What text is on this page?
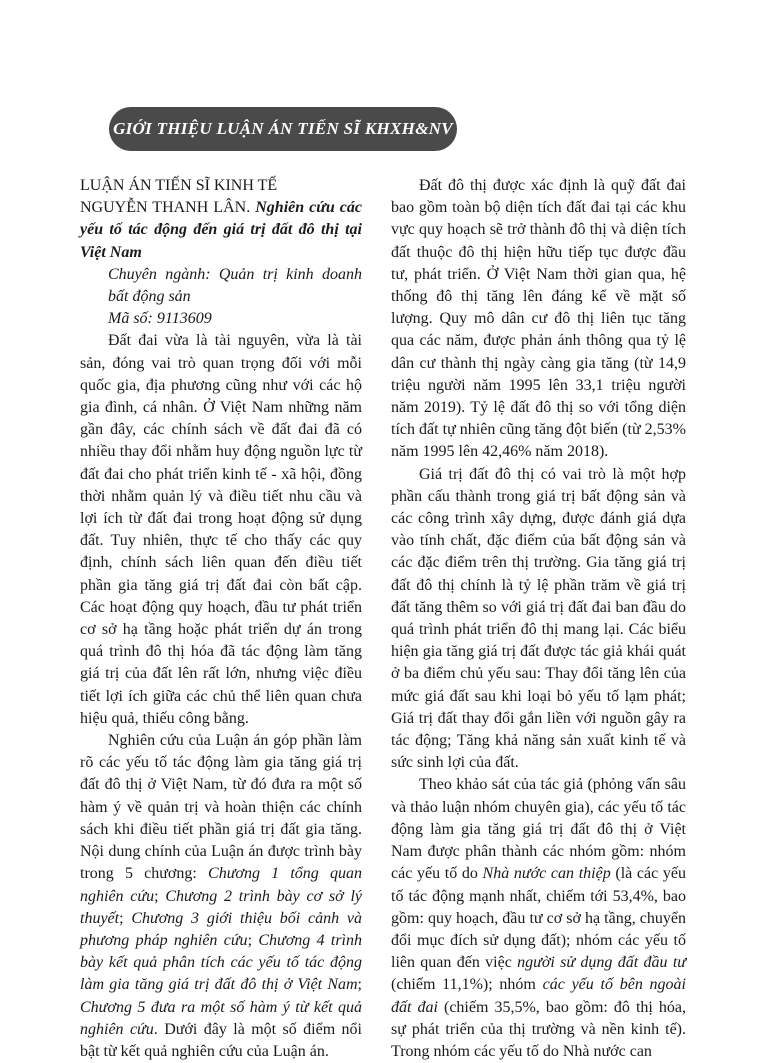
GIỚI THIỆU LUẬN ÁN TIẾN SĨ KHXH&NV

LUẬN ÁN TIẾN SĨ KINH TẾ

NGUYỄN THANH LÂN. Nghiên cứu các yếu tố tác động đến giá trị đất đô thị tại Việt Nam

Chuyên ngành: Quản trị kinh doanh bất động sản

Mã số: 9113609

Đất đai vừa là tài nguyên, vừa là tài sản, đóng vai trò quan trọng đối với mỗi quốc gia, địa phương cũng như với các hộ gia đình, cá nhân. Ở Việt Nam những năm gần đây, các chính sách về đất đai đã có nhiều thay đổi nhằm huy động nguồn lực từ đất đai cho phát triển kinh tế - xã hội, đồng thời nhằm quản lý và điều tiết nhu cầu và lợi ích từ đất đai trong hoạt động sử dụng đất. Tuy nhiên, thực tế cho thấy các quy định, chính sách liên quan đến điều tiết phần gia tăng giá trị đất đai còn bất cập. Các hoạt động quy hoạch, đầu tư phát triển cơ sở hạ tầng hoặc phát triển dự án trong quá trình đô thị hóa đã tác động làm tăng giá trị của đất lên rất lớn, nhưng việc điều tiết lợi ích giữa các chủ thể liên quan chưa hiệu quả, thiếu công bằng.

Nghiên cứu của Luận án góp phần làm rõ các yếu tố tác động làm gia tăng giá trị đất đô thị ở Việt Nam, từ đó đưa ra một số hàm ý về quản trị và hoàn thiện các chính sách khi điều tiết phần giá trị đất gia tăng. Nội dung chính của Luận án được trình bày trong 5 chương: Chương 1 tổng quan nghiên cứu; Chương 2 trình bày cơ sở lý thuyết; Chương 3 giới thiệu bối cảnh và phương pháp nghiên cứu; Chương 4 trình bày kết quả phân tích các yếu tố tác động làm gia tăng giá trị đất đô thị ở Việt Nam; Chương 5 đưa ra một số hàm ý từ kết quả nghiên cứu. Dưới đây là một số điểm nổi bật từ kết quả nghiên cứu của Luận án.

Đất đô thị được xác định là quỹ đất đai bao gồm toàn bộ diện tích đất đai tại các khu vực quy hoạch sẽ trở thành đô thị và diện tích đất thuộc đô thị hiện hữu tiếp tục được đầu tư, phát triển. Ở Việt Nam thời gian qua, hệ thống đô thị tăng lên đáng kể về mặt số lượng. Quy mô dân cư đô thị liên tục tăng qua các năm, được phản ánh thông qua tỷ lệ dân cư thành thị ngày càng gia tăng (từ 14,9 triệu người năm 1995 lên 33,1 triệu người năm 2019). Tỷ lệ đất đô thị so với tổng diện tích đất tự nhiên cũng tăng đột biến (từ 2,53% năm 1995 lên 42,46% năm 2018).

Giá trị đất đô thị có vai trò là một hợp phần cấu thành trong giá trị bất động sản và các công trình xây dựng, được đánh giá dựa vào tính chất, đặc điểm của bất động sản và các đặc điểm trên thị trường. Gia tăng giá trị đất đô thị chính là tỷ lệ phần trăm về giá trị đất tăng thêm so với giá trị đất đai ban đầu do quá trình phát triển đô thị mang lại. Các biểu hiện gia tăng giá trị đất được tác giả khái quát ở ba điểm chủ yếu sau: Thay đổi tăng lên của mức giá đất sau khi loại bỏ yếu tố lạm phát; Giá trị đất thay đổi gắn liền với nguồn gây ra tác động; Tăng khả năng sản xuất kinh tế và sức sinh lợi của đất.

Theo khảo sát của tác giả (phỏng vấn sâu và thảo luận nhóm chuyên gia), các yếu tố tác động làm gia tăng giá trị đất đô thị ở Việt Nam được phân thành các nhóm gồm: nhóm các yếu tố do Nhà nước can thiệp (là các yếu tố tác động mạnh nhất, chiếm tới 53,4%, bao gồm: quy hoạch, đầu tư cơ sở hạ tầng, chuyển đổi mục đích sử dụng đất); nhóm các yếu tố liên quan đến việc người sử dụng đất đầu tư (chiếm 11,1%); nhóm các yếu tố bên ngoài đất đai (chiếm 35,5%, bao gồm: đô thị hóa, sự phát triển của thị trường và nền kinh tế). Trong nhóm các yếu tố do Nhà nước can
